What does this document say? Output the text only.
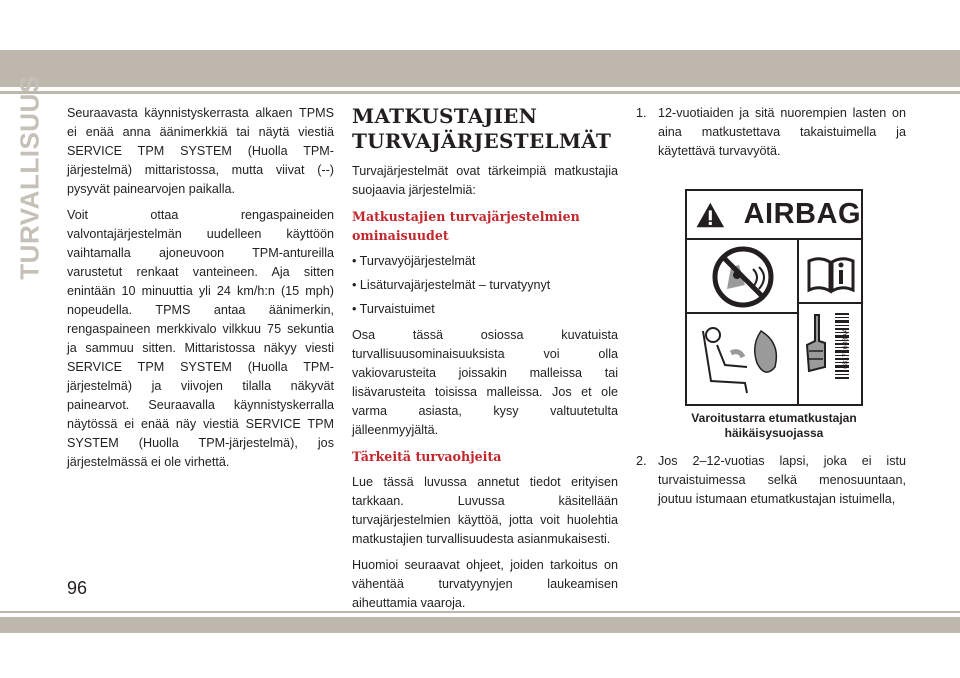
TURVALLISUUS Seuraavasta käynnistyskerrasta alkaen TPMS ei enää anna äänimerkkiä tai näytä viestiä SERVICE TPM SYSTEM (Huolla TPM-järjestelmä) mittaristossa, mutta viivat (--) pysyvät painearvojen paikalla.

Voit ottaa rengaspaineiden valvontajärjestelmän uudelleen käyttöön vaihtamalla ajoneuvoon TPM-antureilla varustetut renkaat vanteineen. Aja sitten enintään 10 minuuttia yli 24 km/h:n (15 mph) nopeudella. TPMS antaa äänimerkin, rengaspaineen merkkivalo vilkkuu 75 sekuntia ja sammuu sitten. Mittaristossa näkyy viesti SERVICE TPM SYSTEM (Huolla TPM-järjestelmä) ja viivojen tilalla näkyvät painearvot. Seuraavalla käynnistyskerralla näytössä ei enää näy viestiä SERVICE TPM SYSTEM (Huolla TPM-järjestelmä), jos järjestelmässä ei ole virhettä.

MATKUSTAJIEN
TURVAJÄRJESTELMÄT

Turvajärjestelmät ovat tärkeimpiä matkustajia suojaavia järjestelmiä:

Matkustajien turvajärjestelmien ominaisuudet
• Turvavyöjärjestelmät
• Lisäturvajärjestelmät – turvatyynyt
• Turvaistuimet

Osa tässä osiossa kuvatuista turvallisuusominaisuuksista voi olla vakiovarusteita joissakin malleissa tai lisävarusteita toisissa malleissa. Jos et ole varma asiasta, kysy valtuutetulta jälleenmyyjältä.

Tärkeitä turvaohjeita

Lue tässä luvussa annetut tiedot erityisen tarkkaan. Luvussa käsitellään turvajärjestelmien käyttöä, jotta voit huolehtia matkustajien turvallisuudesta asianmukaisesti.

Huomioi seuraavat ohjeet, joiden tarkoitus on vähentää turvatyynyjen laukeamisen aiheuttamia vaaroja.

1. 12-vuotiaiden ja sitä nuorempien lasten on aina matkustettava takaistuimella ja käytettävä turvavyötä.
AIRBAG
68171603AA
Varoitustarra etumatkustajan
häikäisysuojassa
2. Jos 2–12-vuotias lapsi, joka ei istu turvaistuimessa selkä menosuuntaan, joutuu istumaan etumatkustajan istuimella,
96
